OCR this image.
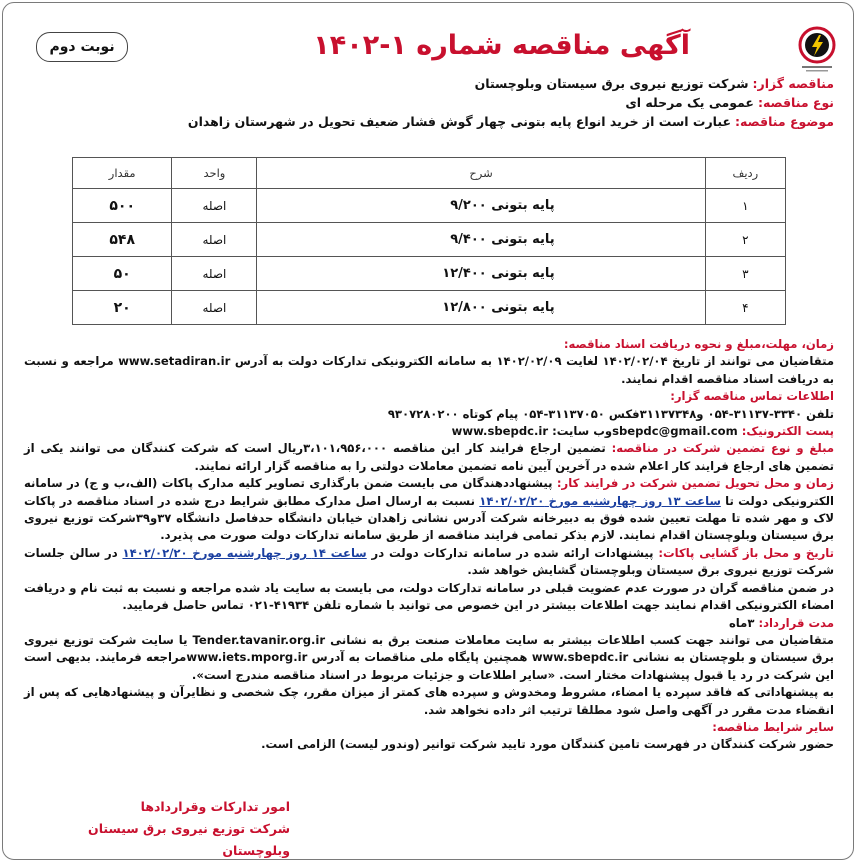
نوبت دوم	آگهی مناقصه شماره ۱-۱۴۰۲
مناقصه گزار: شرکت توزیع نیروی برق سیستان وبلوچستان
نوع مناقصه: عمومی یک مرحله ای
موضوع مناقصه: عبارت است از خرید انواع پایه بتونی چهار گوش فشار ضعیف تحویل در شهرستان زاهدان
ردیف	شرح	واحد	مقدار
۱	پایه بتونی ۹/۲۰۰	اصله	۵۰۰
۲	پایه بتونی ۹/۴۰۰	اصله	۵۴۸
۳	پایه بتونی ۱۲/۴۰۰	اصله	۵۰
۴	پایه بتونی ۱۲/۸۰۰	اصله	۲۰

زمان، مهلت،مبلغ و نحوه دریافت اسناد مناقصه:
متقاضیان می توانند از تاریخ ۱۴۰۲/۰۲/۰۴ لغایت ۱۴۰۲/۰۲/۰۹ به سامانه الکترونیکی تدارکات دولت به آدرس www.setadiran.ir مراجعه و نسبت به دریافت اسناد مناقصه اقدام نمایند.

اطلاعات تماس مناقصه گزار:
تلفن ۳۳۴۰-۳۱۱۳۷-۰۵۴ و۳۱۱۳۷۳۴۸فکس ۳۱۱۳۷۰۵۰-۰۵۴ پیام کوتاه ۹۳۰۷۲۸۰۲۰۰

پست الکترونیک: sbepdc@gmail.comوب سایت: www.sbepdc.ir

مبلغ و نوع تضمین شرکت در مناقصه: تضمین ارجاع فرایند کار این مناقصه ۳،۱۰۱،۹۵۶،۰۰۰ریال است که شرکت کنندگان می توانند یکی از تضمین های ارجاع فرایند کار اعلام شده در آخرین آیین نامه تضمین معاملات دولتی را به مناقصه گزار ارائه نمایند.

زمان و محل تحویل تضمین شرکت در فرایند کار: پیشنهاددهندگان می بایست ضمن بارگذاری تصاویر کلیه مدارک پاکات (الف،ب و ج) در سامانه الکترونیکی دولت تا ساعت ۱۳ روز چهارشنبه مورخ ۱۴۰۲/۰۲/۲۰ نسبت به ارسال اصل مدارک مطابق شرایط درج شده در اسناد مناقصه در پاکات لاک و مهر شده تا مهلت تعیین شده فوق به دبیرخانه شرکت آدرس نشانی زاهدان خیابان دانشگاه حدفاصل دانشگاه ۳۷و۳۹شرکت توزیع نیروی برق سیستان وبلوچستان اقدام نمایند. لازم بذکر تمامی فرایند مناقصه از طریق سامانه تدارکات دولت صورت می پذیرد.

تاریخ و محل باز گشایی پاکات: پیشنهادات ارائه شده در سامانه تدارکات دولت در ساعت ۱۴ روز چهارشنبه مورخ ۱۴۰۲/۰۲/۲۰ در سالن جلسات شرکت توزیع نیروی برق سیستان وبلوچستان گشایش خواهد شد.

در ضمن مناقصه گران در صورت عدم عضویت قبلی در سامانه تدارکات دولت، می بایست به سایت یاد شده مراجعه و نسبت به ثبت نام و دریافت امضاء الکترونیکی اقدام نمایند جهت اطلاعات بیشتر در این خصوص می توانید با شماره تلفن ۴۱۹۳۴-۰۲۱ تماس حاصل فرمایید.

مدت قرارداد: ۳ماه

متقاضیان می توانند جهت کسب اطلاعات بیشتر به سایت معاملات صنعت برق به نشانی Tender.tavanir.org.ir یا سایت شرکت توزیع نیروی برق سیستان و بلوچستان به نشانی www.sbepdc.ir همچنین پایگاه ملی مناقصات به آدرس www.iets.mporg.irمراجعه فرمایند. بدیهی است این شرکت در رد یا قبول پیشنهادات مختار است. «سایر اطلاعات و جزئیات مربوط در اسناد مناقصه مندرج است».

به پیشنهاداتی که فاقد سپرده یا امضاء، مشروط ومخدوش و سپرده های کمتر از میزان مقرر، چک شخصی و نظایرآن و پیشنهادهایی که پس از انقضاء مدت مقرر در آگهی واصل شود مطلقا ترتیب اثر داده نخواهد شد.

سایر شرایط مناقصه:
حضور شرکت کنندگان در فهرست تامین کنندگان مورد تایید شرکت توانیر (وندور لیست) الزامی است.

امور تدارکات وقراردادها
شرکت توزیع نیروی برق سیستان وبلوچستان
